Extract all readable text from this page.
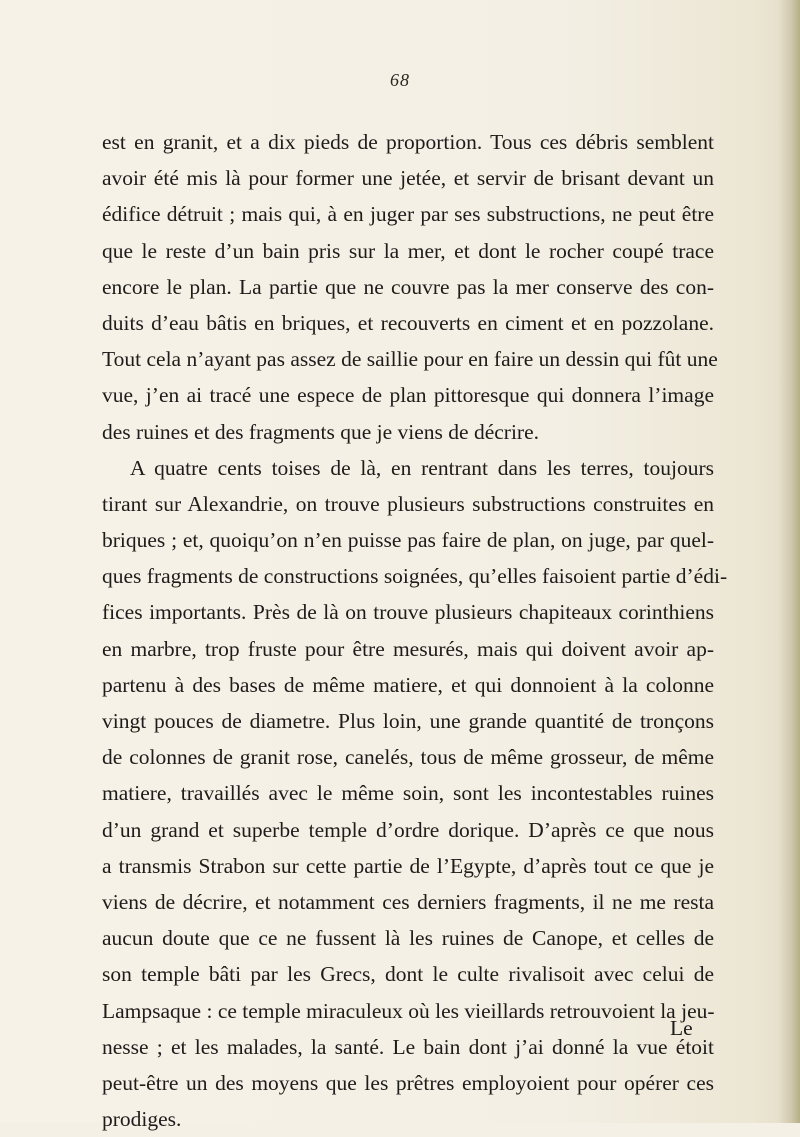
68
est en granit, et a dix pieds de proportion. Tous ces débris semblent
avoir été mis là pour former une jetée, et servir de brisant devant un
édifice détruit ; mais qui, à en juger par ses substructions, ne peut être
que le reste d’un bain pris sur la mer, et dont le rocher coupé trace
encore le plan. La partie que ne couvre pas la mer conserve des con-
duits d’eau bâtis en briques, et recouverts en ciment et en pozzolane.
Tout cela n’ayant pas assez de saillie pour en faire un dessin qui fût une
vue, j’en ai tracé une espece de plan pittoresque qui donnera l’image
des ruines et des fragments que je viens de décrire.
A quatre cents toises de là, en rentrant dans les terres, toujours
tirant sur Alexandrie, on trouve plusieurs substructions construites en
briques ; et, quoiqu’on n’en puisse pas faire de plan, on juge, par quel-
ques fragments de constructions soignées, qu’elles faisoient partie d’édi-
fices importants. Près de là on trouve plusieurs chapiteaux corinthiens
en marbre, trop fruste pour être mesurés, mais qui doivent avoir ap-
partenu à des bases de même matiere, et qui donnoient à la colonne
vingt pouces de diametre. Plus loin, une grande quantité de tronçons
de colonnes de granit rose, canelés, tous de même grosseur, de même
matiere, travaillés avec le même soin, sont les incontestables ruines
d’un grand et superbe temple d’ordre dorique. D’après ce que nous
a transmis Strabon sur cette partie de l’Egypte, d’après tout ce que je
viens de décrire, et notamment ces derniers fragments, il ne me resta
aucun doute que ce ne fussent là les ruines de Canope, et celles de
son temple bâti par les Grecs, dont le culte rivalisoit avec celui de
Lampsaque : ce temple miraculeux où les vieillards retrouvoient la jeu-
nesse ; et les malades, la santé. Le bain dont j’ai donné la vue étoit
peut-être un des moyens que les prêtres employoient pour opérer ces
prodiges.
Le
